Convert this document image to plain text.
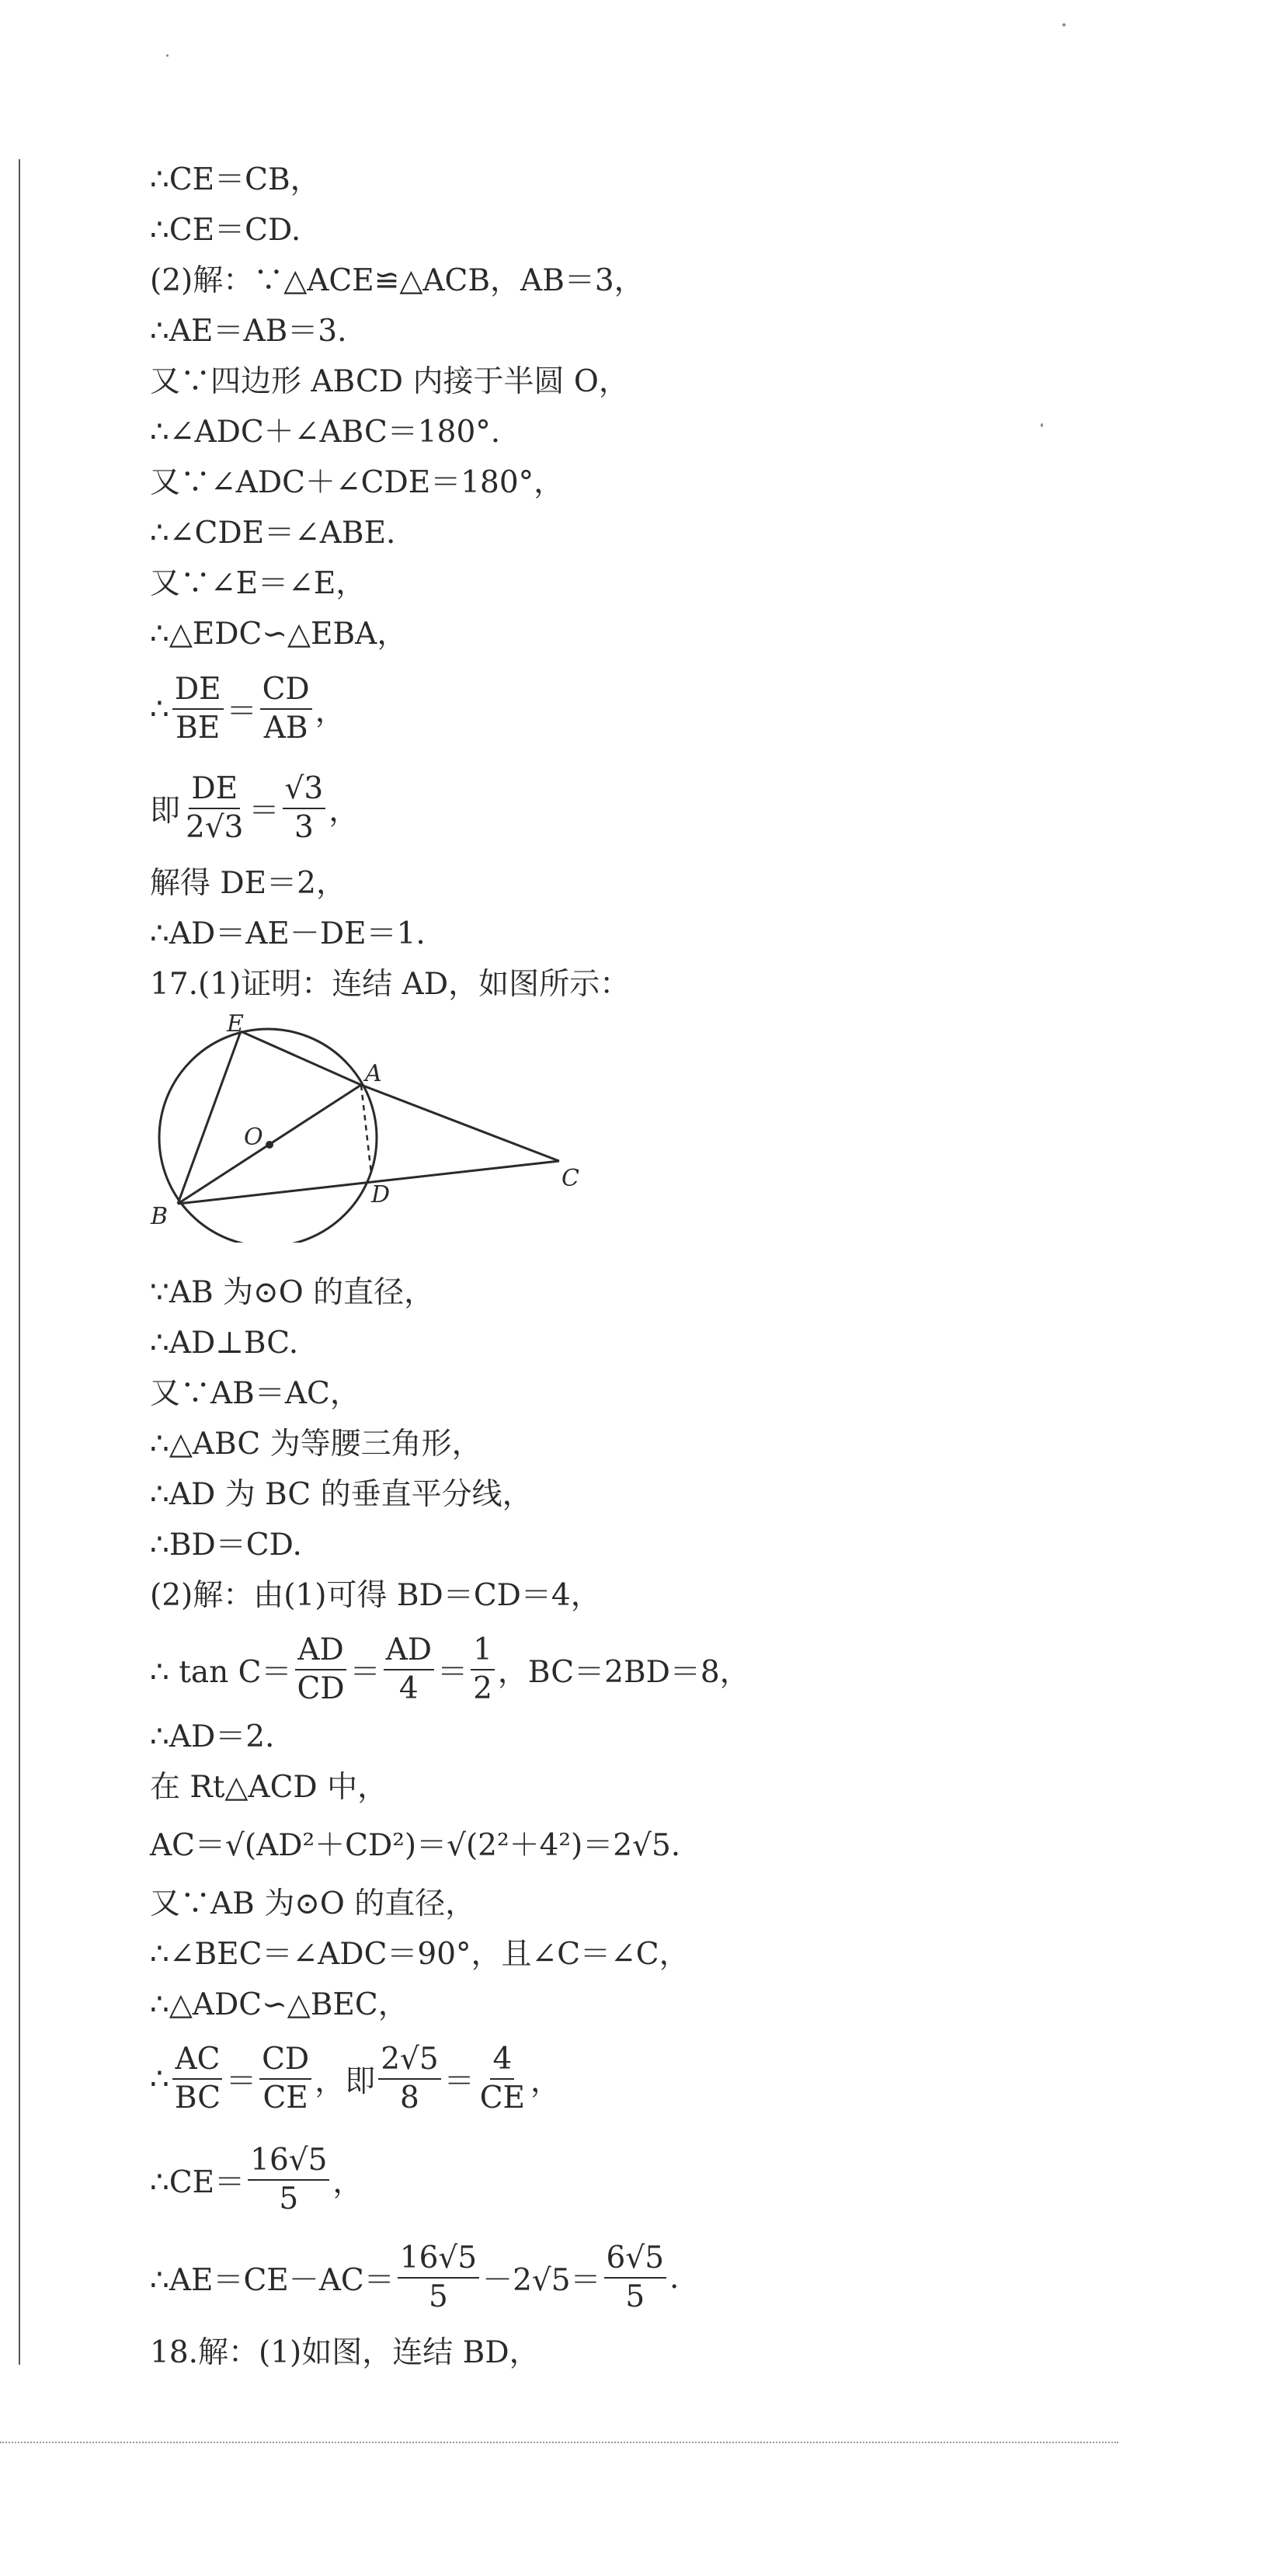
∴CE＝CB，
∴CE＝CD.
(2)解：∵△ACE≌△ACB，AB＝3，
∴AE＝AB＝3.
又∵四边形 ABCD 内接于半圆 O，
∴∠ADC＋∠ABC＝180°.
又∵∠ADC＋∠CDE＝180°，
∴∠CDE＝∠ABE.
又∵∠E＝∠E，
∴△EDC∽△EBA，
∴ $\frac{DE}{BE} = \frac{CD}{AB}$ ，
即 $\frac{DE}{2√3} = \frac{√3}{3}$ ，
解得 DE＝2，
∴AD＝AE－DE＝1.
17.(1)证明：连结 AD，如图所示：
E
A
O
C
B
D
∵AB 为⊙O 的直径，
∴AD⊥BC.
又∵AB＝AC，
∴△ABC 为等腰三角形，
∴AD 为 BC 的垂直平分线，
∴BD＝CD.
(2)解：由(1)可得 BD＝CD＝4，
∴ $\tan C= \frac{AD}{CD} = \frac{AD}{4} = \frac{1}{2}$ ，BC＝2BD＝8，
∴AD＝2.
在 Rt△ACD 中，
AC＝√(AD²＋CD²)＝√(2²＋4²)＝2√5.
又∵AB 为⊙O 的直径，
∴∠BEC＝∠ADC＝90°，且∠C＝∠C，
∴△ADC∽△BEC，
∴ $\frac{AC}{BC} = \frac{CD}{CE}$ ，即 $\frac{2√5}{8} = \frac{4}{CE}$ ，
∴CE＝ $\frac{16√5}{5}$ ，
∴AE＝CE－AC＝ $\frac{16√5}{5} -2√5= \frac{6√5}{5}$ .
18.解：(1)如图，连结 BD，
